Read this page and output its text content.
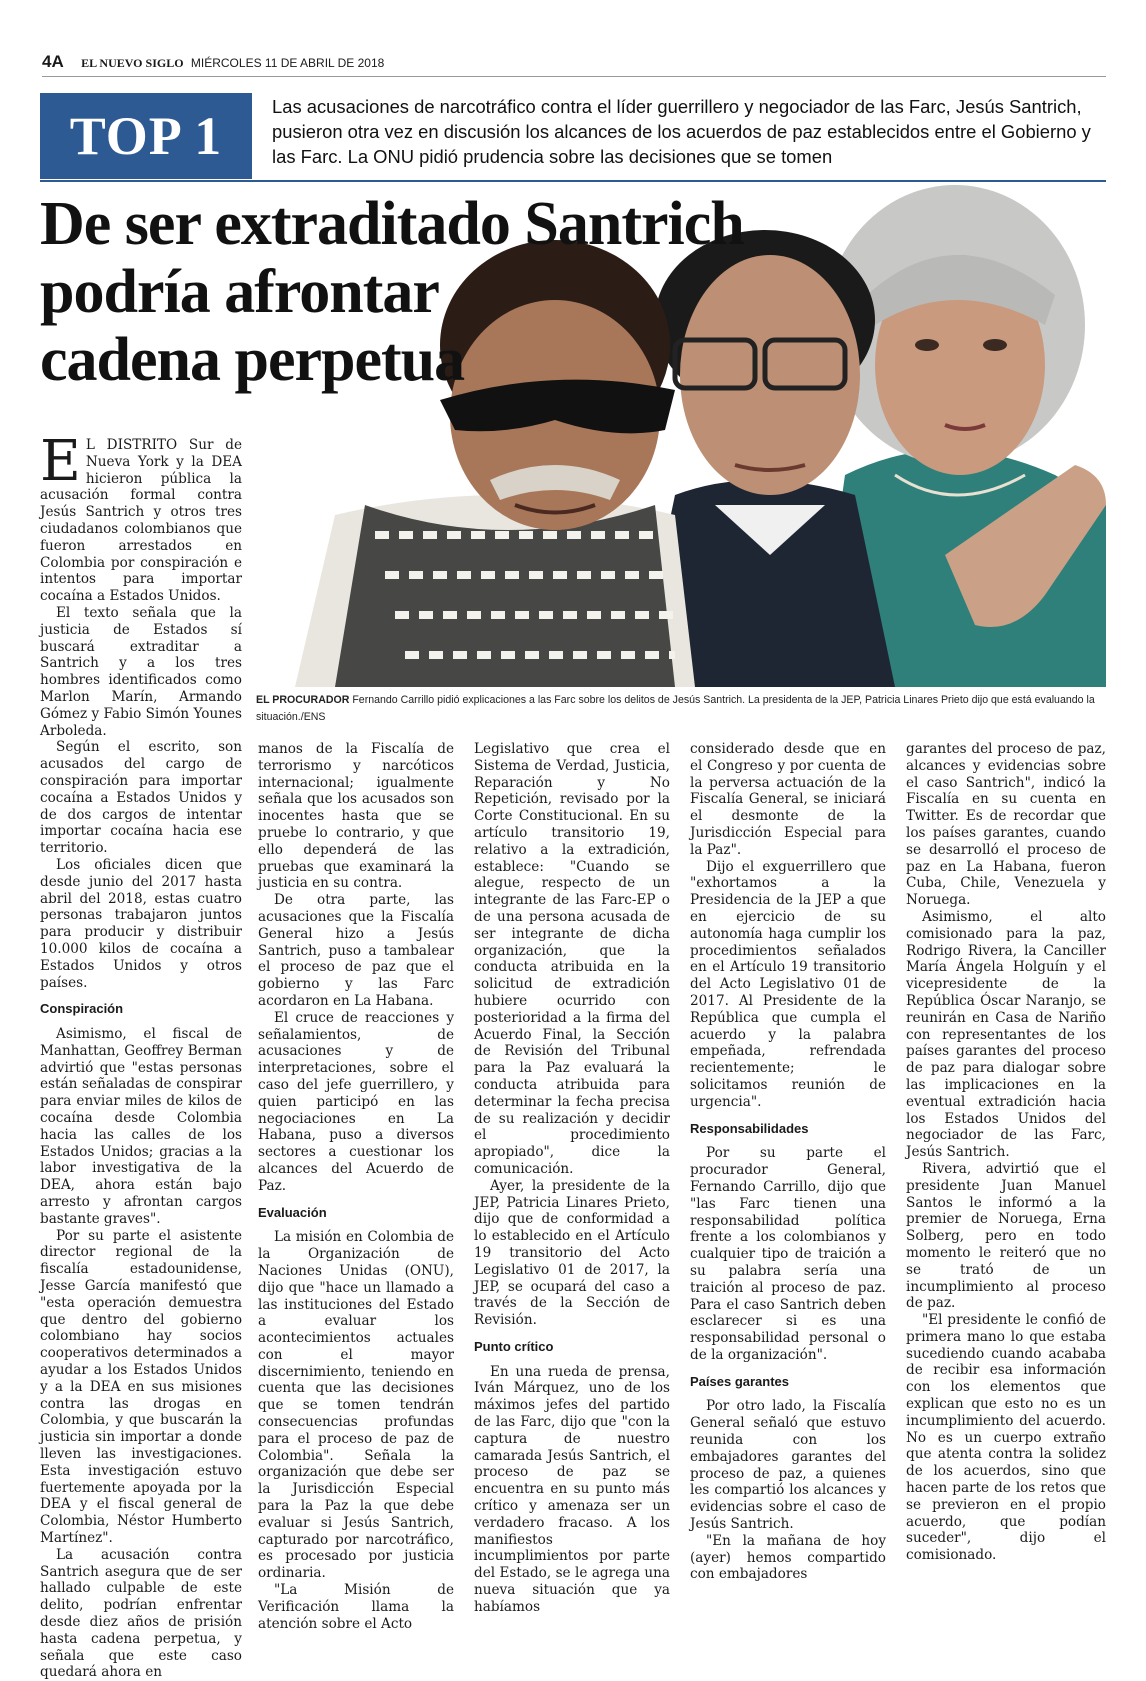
4A EL NUEVO SIGLO MIÉRCOLES 11 DE ABRIL DE 2018
TOP 1	Las acusaciones de narcotráfico contra el líder guerrillero y negociador de las Farc, Jesús Santrich, pusieron otra vez en discusión los alcances de los acuerdos de paz establecidos entre el Gobierno y las Farc. La ONU pidió prudencia sobre las decisiones que se tomen
De ser extraditado Santrich
podría afrontar
cadena perpetua
EL PROCURADOR Fernando Carrillo pidió explicaciones a las Farc sobre los delitos de Jesús Santrich. La presidenta de la JEP, Patricia Linares Prieto dijo que está evaluando la situación./ENS

E L DISTRITO Sur de Nueva York y la DEA hicieron pública la acusación formal contra Jesús Santrich y otros tres ciudadanos colombianos que fueron arrestados en Colombia por conspiración e intentos para importar cocaína a Estados Unidos.

El texto señala que la justicia de Estados sí buscará extraditar a Santrich y a los tres hombres identificados como Marlon Marín, Armando Gómez y Fabio Simón Younes Arboleda.

Según el escrito, son acusados del cargo de conspiración para importar cocaína a Estados Unidos y de dos cargos de intentar importar cocaína hacia ese territorio.

Los oficiales dicen que desde junio del 2017 hasta abril del 2018, estas cuatro personas trabajaron juntos para producir y distribuir 10.000 kilos de cocaína a Estados Unidos y otros países.

Conspiración

Asimismo, el fiscal de Manhattan, Geoffrey Berman advirtió que "estas personas están señaladas de conspirar para enviar miles de kilos de cocaína desde Colombia hacia las calles de los Estados Unidos; gracias a la labor investigativa de la DEA, ahora están bajo arresto y afrontan cargos bastante graves".

Por su parte el asistente director regional de la fiscalía estadounidense, Jesse García manifestó que "esta operación demuestra que dentro del gobierno colombiano hay socios cooperativos determinados a ayudar a los Estados Unidos y a la DEA en sus misiones contra las drogas en Colombia, y que buscarán la justicia sin importar a donde lleven las investigaciones. Esta investigación estuvo fuertemente apoyada por la DEA y el fiscal general de Colombia, Néstor Humberto Martínez".

La acusación contra Santrich asegura que de ser hallado culpable de este delito, podrían enfrentar desde diez años de prisión hasta cadena perpetua, y señala que este caso quedará ahora en

manos de la Fiscalía de terrorismo y narcóticos internacional; igualmente señala que los acusados son inocentes hasta que se pruebe lo contrario, y que ello dependerá de las pruebas que examinará la justicia en su contra.

De otra parte, las acusaciones que la Fiscalía General hizo a Jesús Santrich, puso a tambalear el proceso de paz que el gobierno y las Farc acordaron en La Habana.

El cruce de reacciones y señalamientos, de acusaciones y de interpretaciones, sobre el caso del jefe guerrillero, y quien participó en las negociaciones en La Habana, puso a diversos sectores a cuestionar los alcances del Acuerdo de Paz.

Evaluación

La misión en Colombia de la Organización de Naciones Unidas (ONU), dijo que "hace un llamado a las instituciones del Estado a evaluar los acontecimientos actuales con el mayor discernimiento, teniendo en cuenta que las decisiones que se tomen tendrán consecuencias profundas para el proceso de paz de Colombia". Señala la organización que debe ser la Jurisdicción Especial para la Paz la que debe evaluar si Jesús Santrich, capturado por narcotráfico, es procesado por justicia ordinaria.

"La Misión de Verificación llama la atención sobre el Acto

Legislativo que crea el Sistema de Verdad, Justicia, Reparación y No Repetición, revisado por la Corte Constitucional. En su artículo transitorio 19, relativo a la extradición, establece: "Cuando se alegue, respecto de un integrante de las Farc-EP o de una persona acusada de ser integrante de dicha organización, que la conducta atribuida en la solicitud de extradición hubiere ocurrido con posterioridad a la firma del Acuerdo Final, la Sección de Revisión del Tribunal para la Paz evaluará la conducta atribuida para determinar la fecha precisa de su realización y decidir el procedimiento apropiado", dice la comunicación.

Ayer, la presidente de la JEP, Patricia Linares Prieto, dijo que de conformidad a lo establecido en el Artículo 19 transitorio del Acto Legislativo 01 de 2017, la JEP, se ocupará del caso a través de la Sección de Revisión.

Punto crítico

En una rueda de prensa, Iván Márquez, uno de los máximos jefes del partido de las Farc, dijo que "con la captura de nuestro camarada Jesús Santrich, el proceso de paz se encuentra en su punto más crítico y amenaza ser un verdadero fracaso. A los manifiestos incumplimientos por parte del Estado, se le agrega una nueva situación que ya habíamos

considerado desde que en el Congreso y por cuenta de la perversa actuación de la Fiscalía General, se iniciará el desmonte de la Jurisdicción Especial para la Paz".

Dijo el exguerrillero que "exhortamos a la Presidencia de la JEP a que en ejercicio de su autonomía haga cumplir los procedimientos señalados en el Artículo 19 transitorio del Acto Legislativo 01 de 2017. Al Presidente de la República que cumpla el acuerdo y la palabra empeñada, refrendada recientemente; le solicitamos reunión de urgencia".

Responsabilidades

Por su parte el procurador General, Fernando Carrillo, dijo que "las Farc tienen una responsabilidad política frente a los colombianos y cualquier tipo de traición a su palabra sería una traición al proceso de paz. Para el caso Santrich deben esclarecer si es una responsabilidad personal o de la organización".

Países garantes

Por otro lado, la Fiscalía General señaló que estuvo reunida con los embajadores garantes del proceso de paz, a quienes les compartió los alcances y evidencias sobre el caso de Jesús Santrich.

"En la mañana de hoy (ayer) hemos compartido con embajadores

garantes del proceso de paz, alcances y evidencias sobre el caso Santrich", indicó la Fiscalía en su cuenta en Twitter. Es de recordar que los países garantes, cuando se desarrolló el proceso de paz en La Habana, fueron Cuba, Chile, Venezuela y Noruega.

Asimismo, el alto comisionado para la paz, Rodrigo Rivera, la Canciller María Ángela Holguín y el vicepresidente de la República Óscar Naranjo, se reunirán en Casa de Nariño con representantes de los países garantes del proceso de paz para dialogar sobre las implicaciones en la eventual extradición hacia los Estados Unidos del negociador de las Farc, Jesús Santrich.

Rivera, advirtió que el presidente Juan Manuel Santos le informó a la premier de Noruega, Erna Solberg, pero en todo momento le reiteró que no se trató de un incumplimiento al proceso de paz.

"El presidente le confió de primera mano lo que estaba sucediendo cuando acababa de recibir esa información con los elementos que explican que esto no es un incumplimiento del acuerdo. No es un cuerpo extraño que atenta contra la solidez de los acuerdos, sino que hacen parte de los retos que se previeron en el propio acuerdo, que podían suceder", dijo el comisionado.
